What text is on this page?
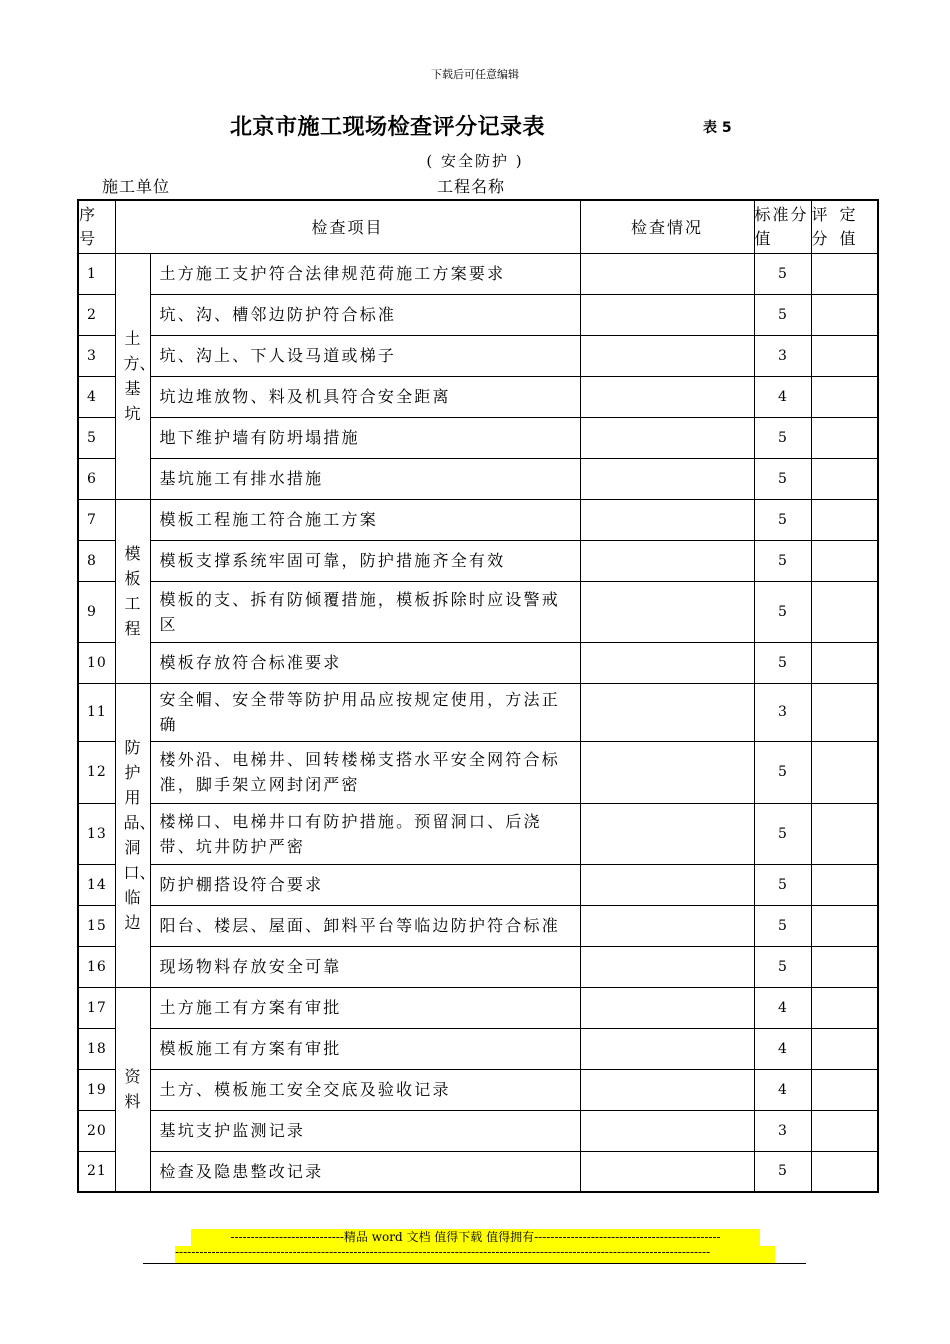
下载后可任意编辑
北京市施工现场检查评分记录表	表 5
( 安全防护 )
施工单位	工程名称
序号	检查项目		检查情况	标准分值	评定分值
1	土方、基坑	土方施工支护符合法律规范荷施工方案要求		5	
2		坑、沟、槽邻边防护符合标准		5	
3		坑、沟上、下人设马道或梯子		3	
4		坑边堆放物、料及机具符合安全距离		4	
5		地下维护墙有防坍塌措施		5	
6		基坑施工有排水措施		5	
7	模板工程	模板工程施工符合施工方案		5	
8		模板支撑系统牢固可靠，防护措施齐全有效		5	
9		模板的支、拆有防倾覆措施，模板拆除时应设警戒区		5	
10		模板存放符合标准要求		5	
11	防护用品、洞口、临边	安全帽、安全带等防护用品应按规定使用，方法正确		3	
12		楼外沿、电梯井、回转楼梯支搭水平安全网符合标准，脚手架立网封闭严密		5	
13		楼梯口、电梯井口有防护措施。预留洞口、后浇带、坑井防护严密		5	
14		防护棚搭设符合要求		5	
15		阳台、楼层、屋面、卸料平台等临边防护符合标准		5	
16		现场物料存放安全可靠		5	
17	资料	土方施工有方案有审批		4	
18		模板施工有方案有审批		4	
19		土方、模板施工安全交底及验收记录		4	
20		基坑支护监测记录		3	
21		检查及隐患整改记录		5	
----------------------------精品 word 文档 值得下载 值得拥有----------------------------------------------
------------------------------------------------------------------------------------------------------------------------------------
